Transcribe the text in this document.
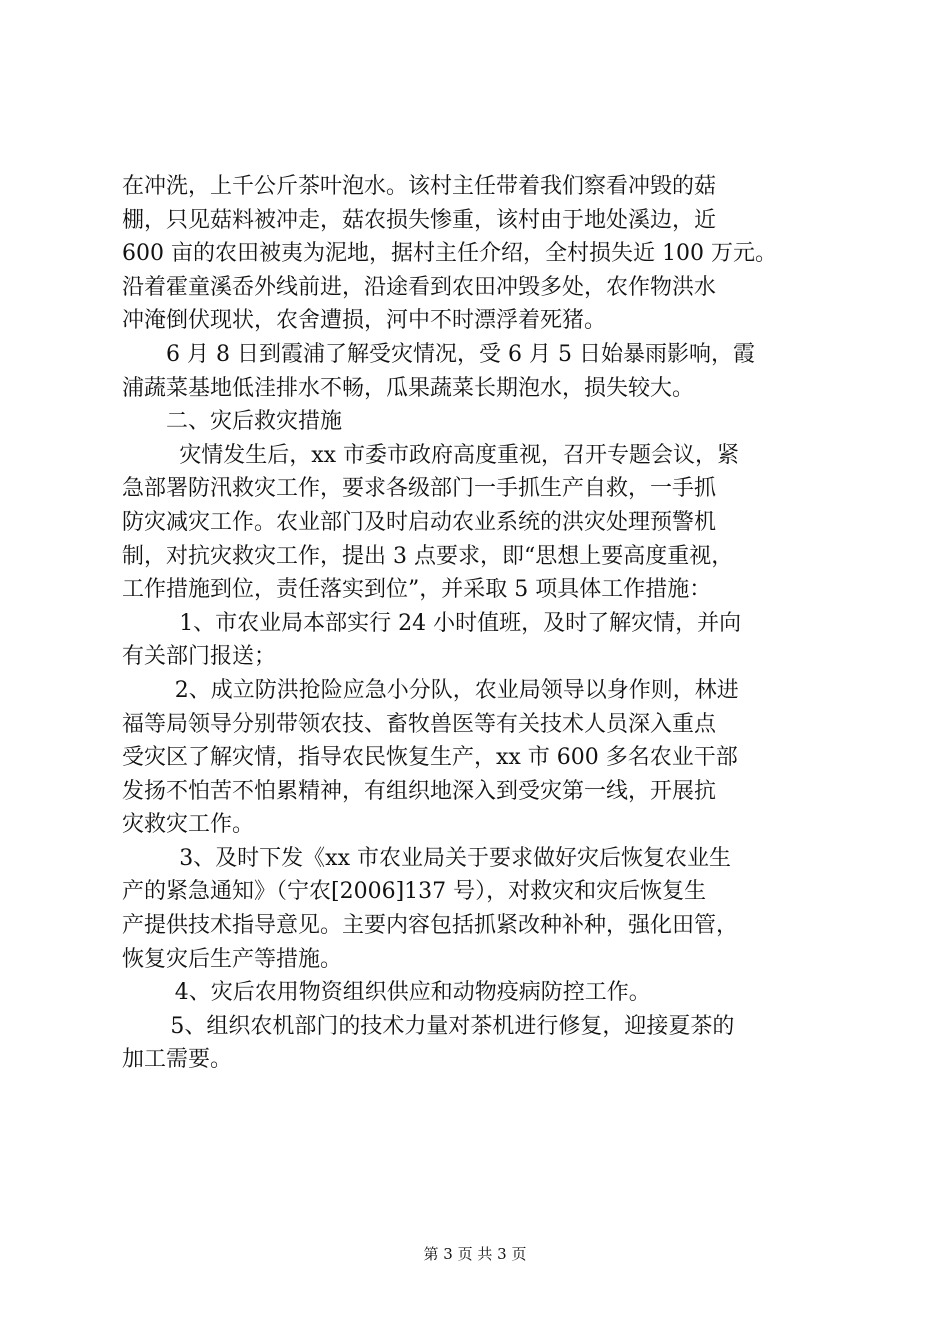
在冲洗，上千公斤茶叶泡水。该村主任带着我们察看冲毁的菇
棚，只见菇料被冲走，菇农损失惨重，该村由于地处溪边，近
600 亩的农田被夷为泥地，据村主任介绍，全村损失近 100 万元。
沿着霍童溪岙外线前进，沿途看到农田冲毁多处，农作物洪水
冲淹倒伏现状，农舍遭损，河中不时漂浮着死猪。
6 月 8 日到霞浦了解受灾情况，受 6 月 5 日始暴雨影响，霞
浦蔬菜基地低洼排水不畅，瓜果蔬菜长期泡水，损失较大。
二、灾后救灾措施
灾情发生后，xx 市委市政府高度重视，召开专题会议，紧
急部署防汛救灾工作，要求各级部门一手抓生产自救，一手抓
防灾减灾工作。农业部门及时启动农业系统的洪灾处理预警机
制，对抗灾救灾工作，提出 3 点要求，即“思想上要高度重视，
工作措施到位，责任落实到位”，并采取 5 项具体工作措施：
1、市农业局本部实行 24 小时值班，及时了解灾情，并向
有关部门报送；
2、成立防洪抢险应急小分队，农业局领导以身作则，林进
福等局领导分别带领农技、畜牧兽医等有关技术人员深入重点
受灾区了解灾情，指导农民恢复生产，xx 市 600 多名农业干部
发扬不怕苦不怕累精神，有组织地深入到受灾第一线，开展抗
灾救灾工作。
3、及时下发《xx 市农业局关于要求做好灾后恢复农业生
产的紧急通知》（宁农[2006]137 号），对救灾和灾后恢复生
产提供技术指导意见。主要内容包括抓紧改种补种，强化田管，
恢复灾后生产等措施。
4、灾后农用物资组织供应和动物疫病防控工作。
5、组织农机部门的技术力量对茶机进行修复，迎接夏茶的
加工需要。
第 3 页 共 3 页
